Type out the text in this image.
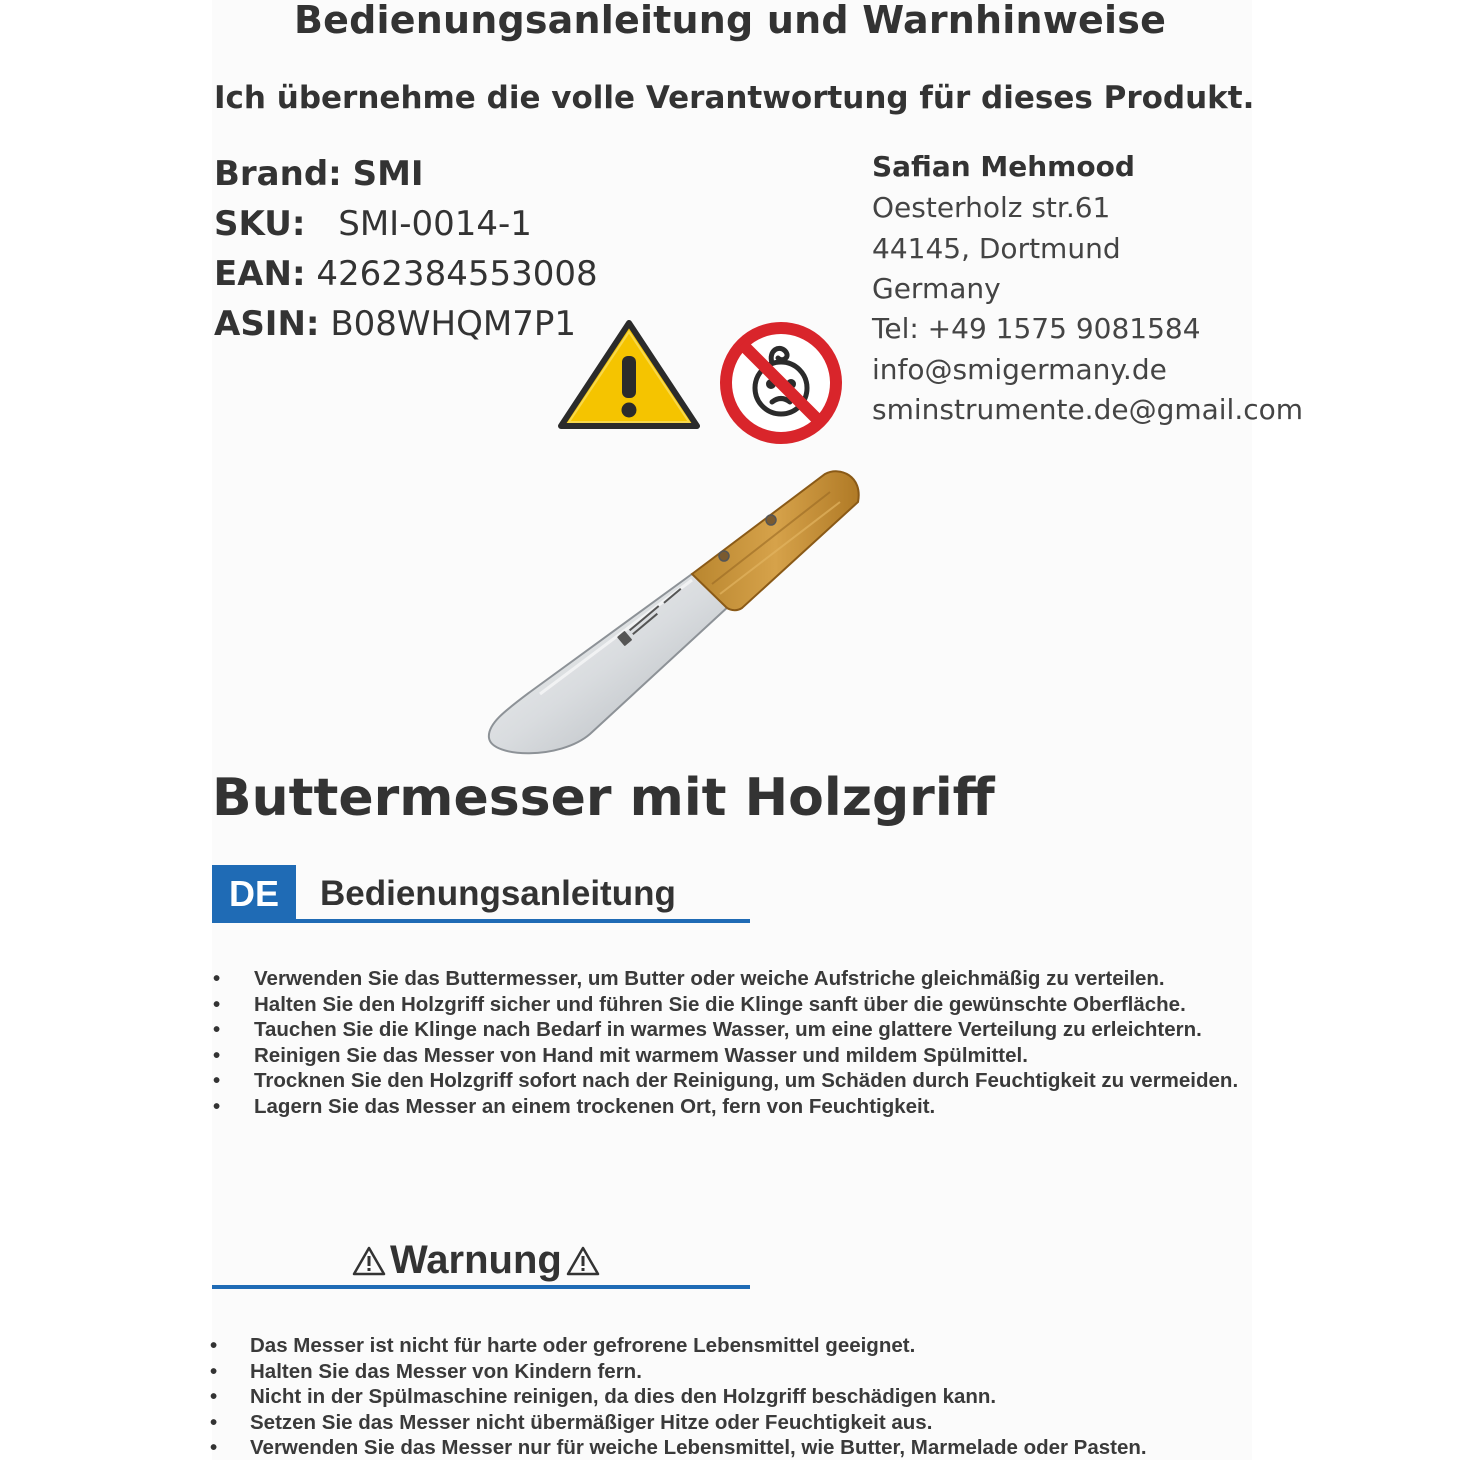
Bedienungsanleitung und Warnhinweise
Ich übernehme die volle Verantwortung für dieses Produkt.
Brand: SMI
SKU: SMI-0014-1
EAN: 4262384553008
ASIN: B08WHQM7P1
Safian Mehmood
Oesterholz str.61
44145, Dortmund
Germany
Tel: +49 1575 9081584
info@smigermany.de
sminstrumente.de@gmail.com
Buttermesser mit Holzgriff
DE	Bedienungsanleitung
• Verwenden Sie das Buttermesser, um Butter oder weiche Aufstriche gleichmäßig zu verteilen.
• Halten Sie den Holzgriff sicher und führen Sie die Klinge sanft über die gewünschte Oberfläche.
• Tauchen Sie die Klinge nach Bedarf in warmes Wasser, um eine glattere Verteilung zu erleichtern.
• Reinigen Sie das Messer von Hand mit warmem Wasser und mildem Spülmittel.
• Trocknen Sie den Holzgriff sofort nach der Reinigung, um Schäden durch Feuchtigkeit zu vermeiden.
• Lagern Sie das Messer an einem trockenen Ort, fern von Feuchtigkeit.
Warnung
• Das Messer ist nicht für harte oder gefrorene Lebensmittel geeignet.
• Halten Sie das Messer von Kindern fern.
• Nicht in der Spülmaschine reinigen, da dies den Holzgriff beschädigen kann.
• Setzen Sie das Messer nicht übermäßiger Hitze oder Feuchtigkeit aus.
• Verwenden Sie das Messer nur für weiche Lebensmittel, wie Butter, Marmelade oder Pasten.
